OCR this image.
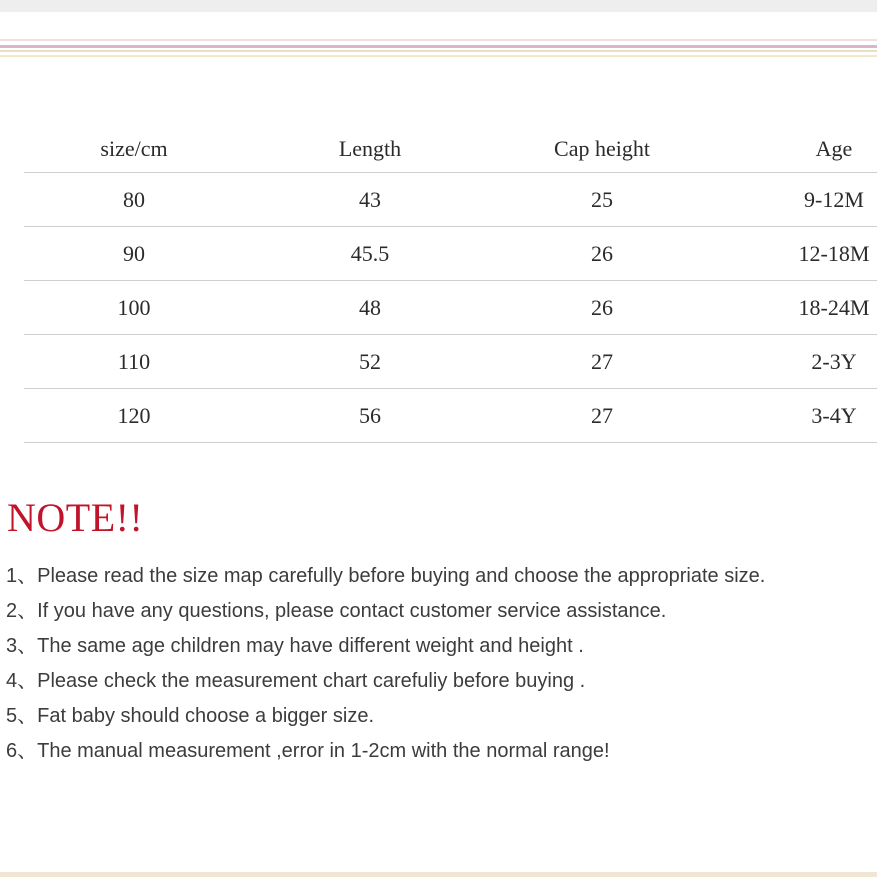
size/cm	Length	Cap height	Age
80	43	25	9-12M
90	45.5	26	12-18M
100	48	26	18-24M
110	52	27	2-3Y
120	56	27	3-4Y
NOTE!!
1、Please read the size map carefully before buying and choose the appropriate size.
2、If you have any questions, please contact customer service assistance.
3、The same age children may have different weight and height .
4、Please check the measurement chart carefuliy before buying .
5、Fat baby should choose a bigger size.
6、The manual measurement ,error in 1-2cm with the normal range!
